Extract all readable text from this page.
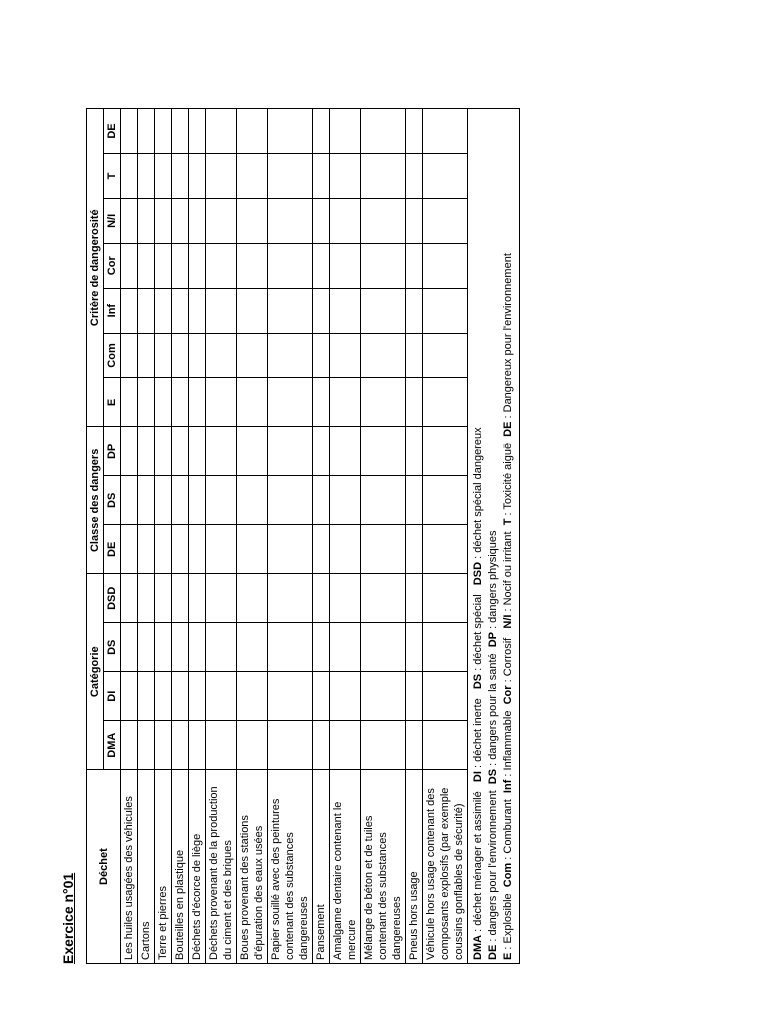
Exercice n°01
Déchet	Catégorie				Classe des dangers			Critère de dangerosité						
	DMA	DI	DS	DSD	DE	DS	DP	E	Com	Inf	Cor	N/I	T	DE
Les huiles usagées des véhicules														
Cartons														
Terre et pierres														
Bouteilles en plastique														
Déchets d'écorce de liège														
Déchets provenant de la production du ciment et des briques														
Boues provenant des stations d'épuration des eaux usées														
Papier souillé avec des peintures contenant des substances dangereuses														
Pansement														
Amalgame dentaire contenant le mercure														
Mélange de béton et de tuiles contenant des substances dangereuses														
Pneus hors usage														
Véhicule hors usage contenant des composants explosifs (par exemple coussins gonflables de sécurité)														

DMA : déchet ménager et assimilé   DI : déchet inerte   DS : déchet spécial   DSD : déchet spécial dangereux
DE : dangers pour l'environnement  DS : dangers pour la santé  DP : dangers physiques
E : Explosible  Com : Comburant  Inf : Inflammable  Cor : Corrosif   N/I : Nocif ou irritant  T : Toxicité aiguë  DE : Dangereux pour l'environnement														
